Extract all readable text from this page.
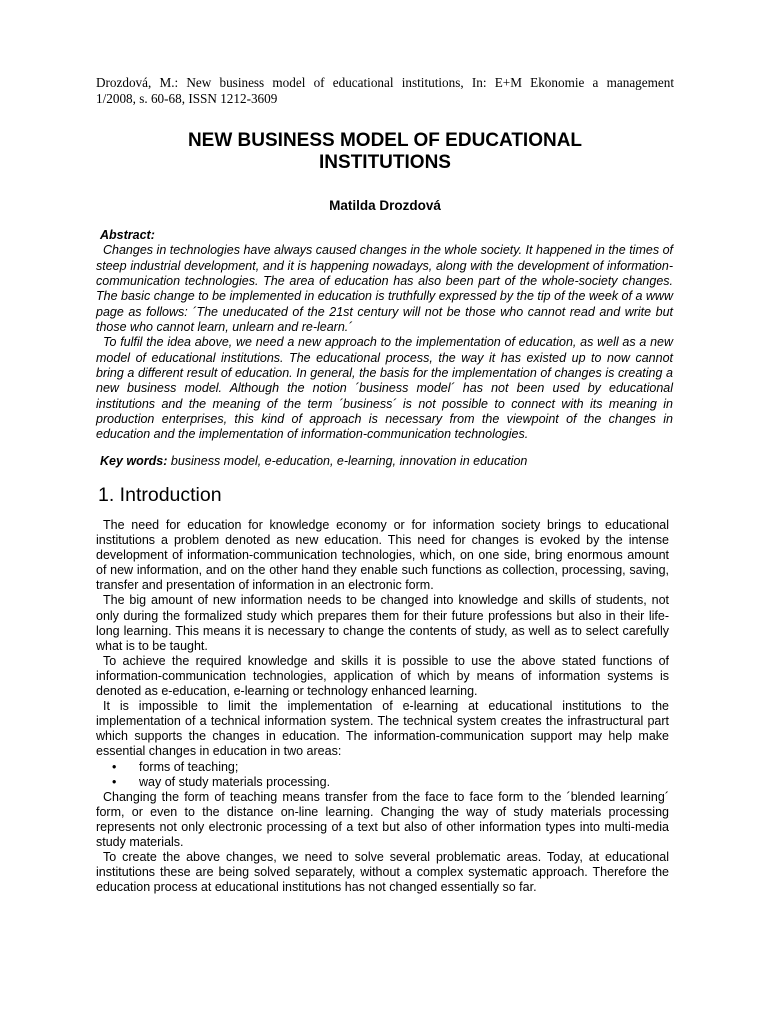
Drozdová, M.: New business model of educational institutions, In: E+M Ekonomie a management
1/2008, s. 60-68, ISSN 1212-3609
NEW BUSINESS MODEL OF EDUCATIONAL
INSTITUTIONS
Matilda Drozdová
Abstract:

Changes in technologies have always caused changes in the whole society. It happened in the times of steep industrial development, and it is happening nowadays, along with the development of information-communication technologies. The area of education has also been part of the whole-society changes. The basic change to be implemented in education is truthfully expressed by the tip of the week of a www page as follows: ´The uneducated of the 21st century will not be those who cannot read and write but those who cannot learn, unlearn and re-learn.´

To fulfil the idea above, we need a new approach to the implementation of education, as well as a new model of educational institutions. The educational process, the way it has existed up to now cannot bring a different result of education. In general, the basis for the implementation of changes is creating a new business model. Although the notion ´business model´ has not been used by educational institutions and the meaning of the term ´business´ is not possible to connect with its meaning in production enterprises, this kind of approach is necessary from the viewpoint of the changes in education and the implementation of information-communication technologies.

Key words: business model, e-education, e-learning, innovation in education
1. Introduction

The need for education for knowledge economy or for information society brings to educational institutions a problem denoted as new education. This need for changes is evoked by the intense development of information-communication technologies, which, on one side, bring enormous amount of new information, and on the other hand they enable such functions as collection, processing, saving, transfer and presentation of information in an electronic form.

The big amount of new information needs to be changed into knowledge and skills of students, not only during the formalized study which prepares them for their future professions but also in their life-long learning. This means it is necessary to change the contents of study, as well as to select carefully what is to be taught.

To achieve the required knowledge and skills it is possible to use the above stated functions of information-communication technologies, application of which by means of information systems is denoted as e-education, e-learning or technology enhanced learning.

It is impossible to limit the implementation of e-learning at educational institutions to the implementation of a technical information system. The technical system creates the infrastructural part which supports the changes in education. The information-communication support may help make essential changes in education in two areas:

• forms of teaching;
• way of study materials processing.

Changing the form of teaching means transfer from the face to face form to the ´blended learning´ form, or even to the distance on-line learning. Changing the way of study materials processing represents not only electronic processing of a text but also of other information types into multi-media study materials.

To create the above changes, we need to solve several problematic areas. Today, at educational institutions these are being solved separately, without a complex systematic approach. Therefore the education process at educational institutions has not changed essentially so far.
